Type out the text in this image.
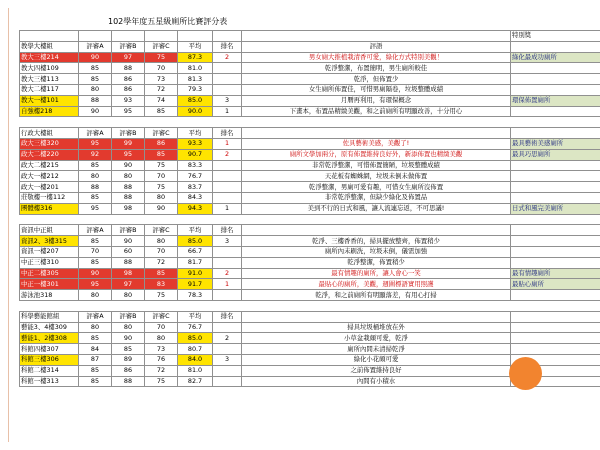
102學年度五星級廁所比賽評分表
							特別獎
教學大樓組	評審A	評審B	評審C	平均	排名	評語	
教大三樓214	90	97	75	87.3	2	男女廁大推植栽清香可愛，綠化方式特別美觀！	綠化最成功廁所
教大四樓109	85	88	70	81.0		乾淨整潔，布置簡明，男生廁所較佳	
教大三樓113	85	86	73	81.3		乾淨，但佈置少	
教大二樓117	80	86	72	79.3		女生廁所佈置佳，可惜男廁隔卷，垃圾整體成績	
教大一樓101	88	93	74	85.0	3	月曆再利用，有環保概念	環保佈置廁所
自強樓218	90	95	85	90.0	1	下畫本，布置品精緻美觀，和之前廁所有明顯改善，十分用心	

行政大樓組	評審A	評審B	評審C	平均	排名		
政大三樓320	95	99	86	93.3	1	佐具藝術美感，美觀了!	最具藝術美感廁所
政大二樓220	92	95	85	90.7	2	廁所文學加兩分，原有佈置維持良好外，新添佈置也精緻美觀	最具巧思廁所
政大二樓215	85	90	75	83.3		非常乾淨整潔，可惜佈置簡陋，垃圾整體成績	
政大一樓212	80	80	70	76.7		天花板有蜘蛛網，垃圾未倒未做佈置	
政大一樓201	88	88	75	83.7		乾淨整潔，男廁可愛有趣，可惜女生廁所沒佈置	
莊敬樓一樓112	85	88	80	84.3		非常乾淨整潔，但缺少綠化及佈置品	
團體樓316	95	98	90	94.3	1	美到不行的日式和風，讓人流連忘返，不可思議!	日式和風完美廁所

資訊中正組	評審A	評審B	評審C	平均	排名		
資訊2、3樓315	85	90	80	85.0	3	乾淨、三樓香香的，掃具擺放整齊，佈置稍少	
資訊一樓207	70	60	70	66.7		廁所內未刷洗，垃圾未倒，儀需加強	
中正三樓310	85	88	72	81.7		乾淨整潔，佈置稍少	
中正二樓305	90	98	85	91.0	2	最有情趣的廁所，讓人會心一笑	最有情趣廁所
中正一樓301	95	97	83	91.7	1	最貼心的廁所，美觀，週圍標語實用照護	最貼心廁所
游泳池318	80	80	75	78.3		乾淨，和之前廁所有明顯落差，有用心打掃	

科學藝能館組	評審A	評審B	評審C	平均	排名		
藝能3、4樓309	80	80	70	76.7		掃具垃圾桶堆放在外	
藝能1、2樓308	85	90	80	85.0	2	小草盆栽頗可愛，乾淨	
科館四樓307	84	85	73	80.7		廁所內間未清掃乾淨	
科館三樓306	87	89	76	84.0	3	綠化小花頗可愛	
科館二樓314	85	86	72	81.0		之前佈置維持良好	
科館一樓313	85	88	75	82.7		內間有小積水	
